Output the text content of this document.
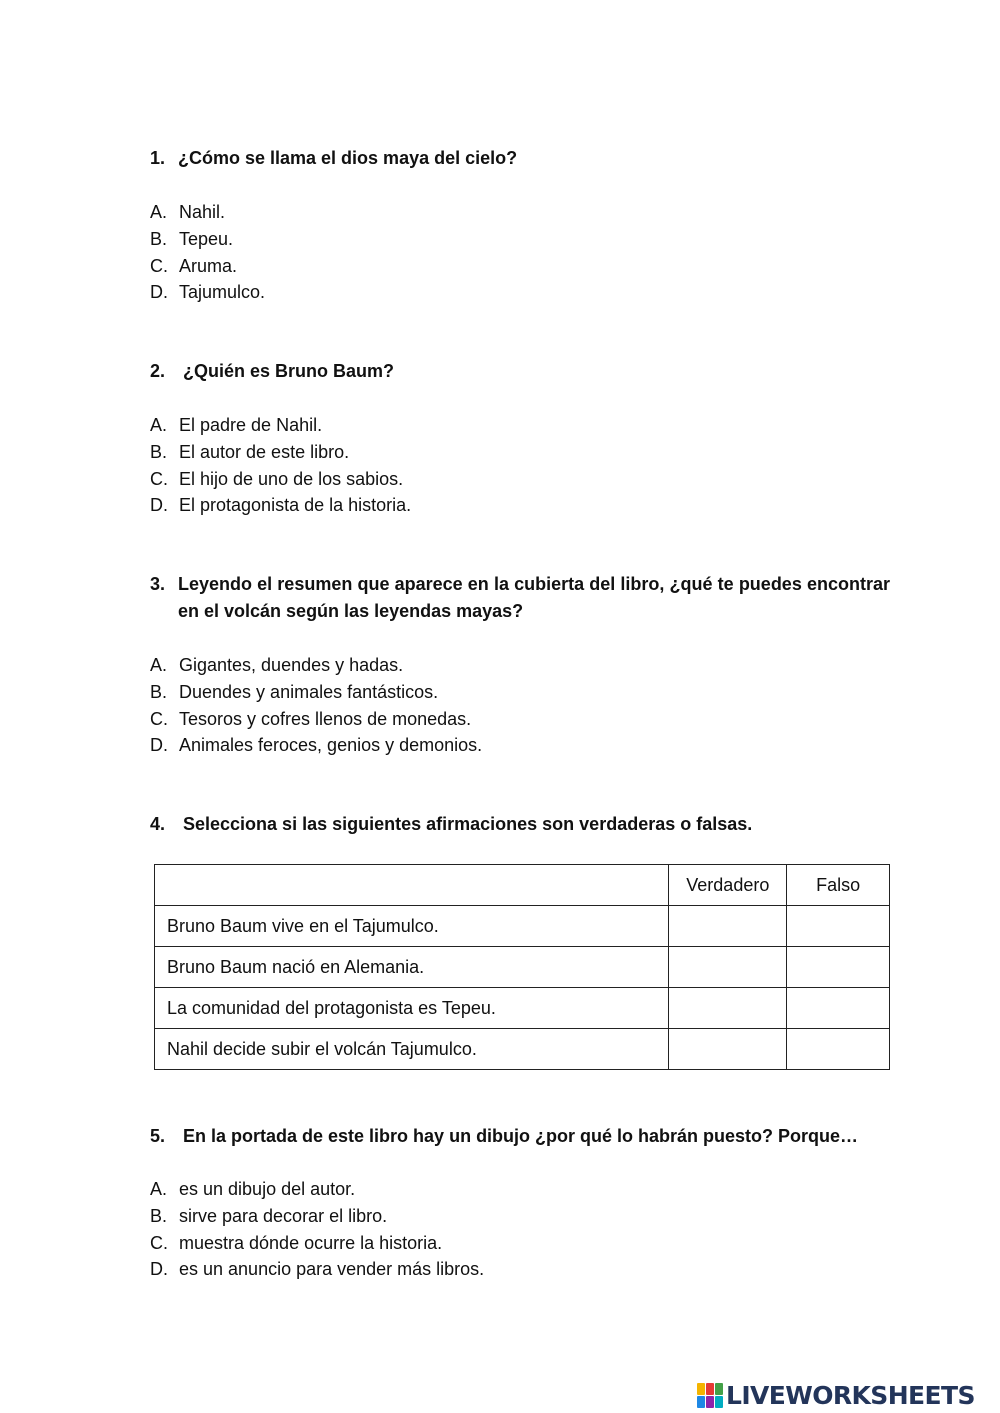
1. ¿Cómo se llama el dios maya del cielo?
A. Nahil.
B. Tepeu.
C. Aruma.
D. Tajumulco.
2. ¿Quién es Bruno Baum?
A. El padre de Nahil.
B. El autor de este libro.
C. El hijo de uno de los sabios.
D. El protagonista de la historia.
3. Leyendo el resumen que aparece en la cubierta del libro, ¿qué te puedes encontrar en el volcán según las leyendas mayas?
A. Gigantes, duendes y hadas.
B. Duendes y animales fantásticos.
C. Tesoros y cofres llenos de monedas.
D. Animales feroces, genios y demonios.
4. Selecciona si las siguientes afirmaciones son verdaderas o falsas.
	Verdadero	Falso
Bruno Baum vive en el Tajumulco.		
Bruno Baum nació en Alemania.		
La comunidad del protagonista es Tepeu.		
Nahil decide subir el volcán Tajumulco.		
5. En la portada de este libro hay un dibujo ¿por qué lo habrán puesto? Porque…
A. es un dibujo del autor.
B. sirve para decorar el libro.
C. muestra dónde ocurre la historia.
D. es un anuncio para vender más libros.
LIVEWORKSHEETS
